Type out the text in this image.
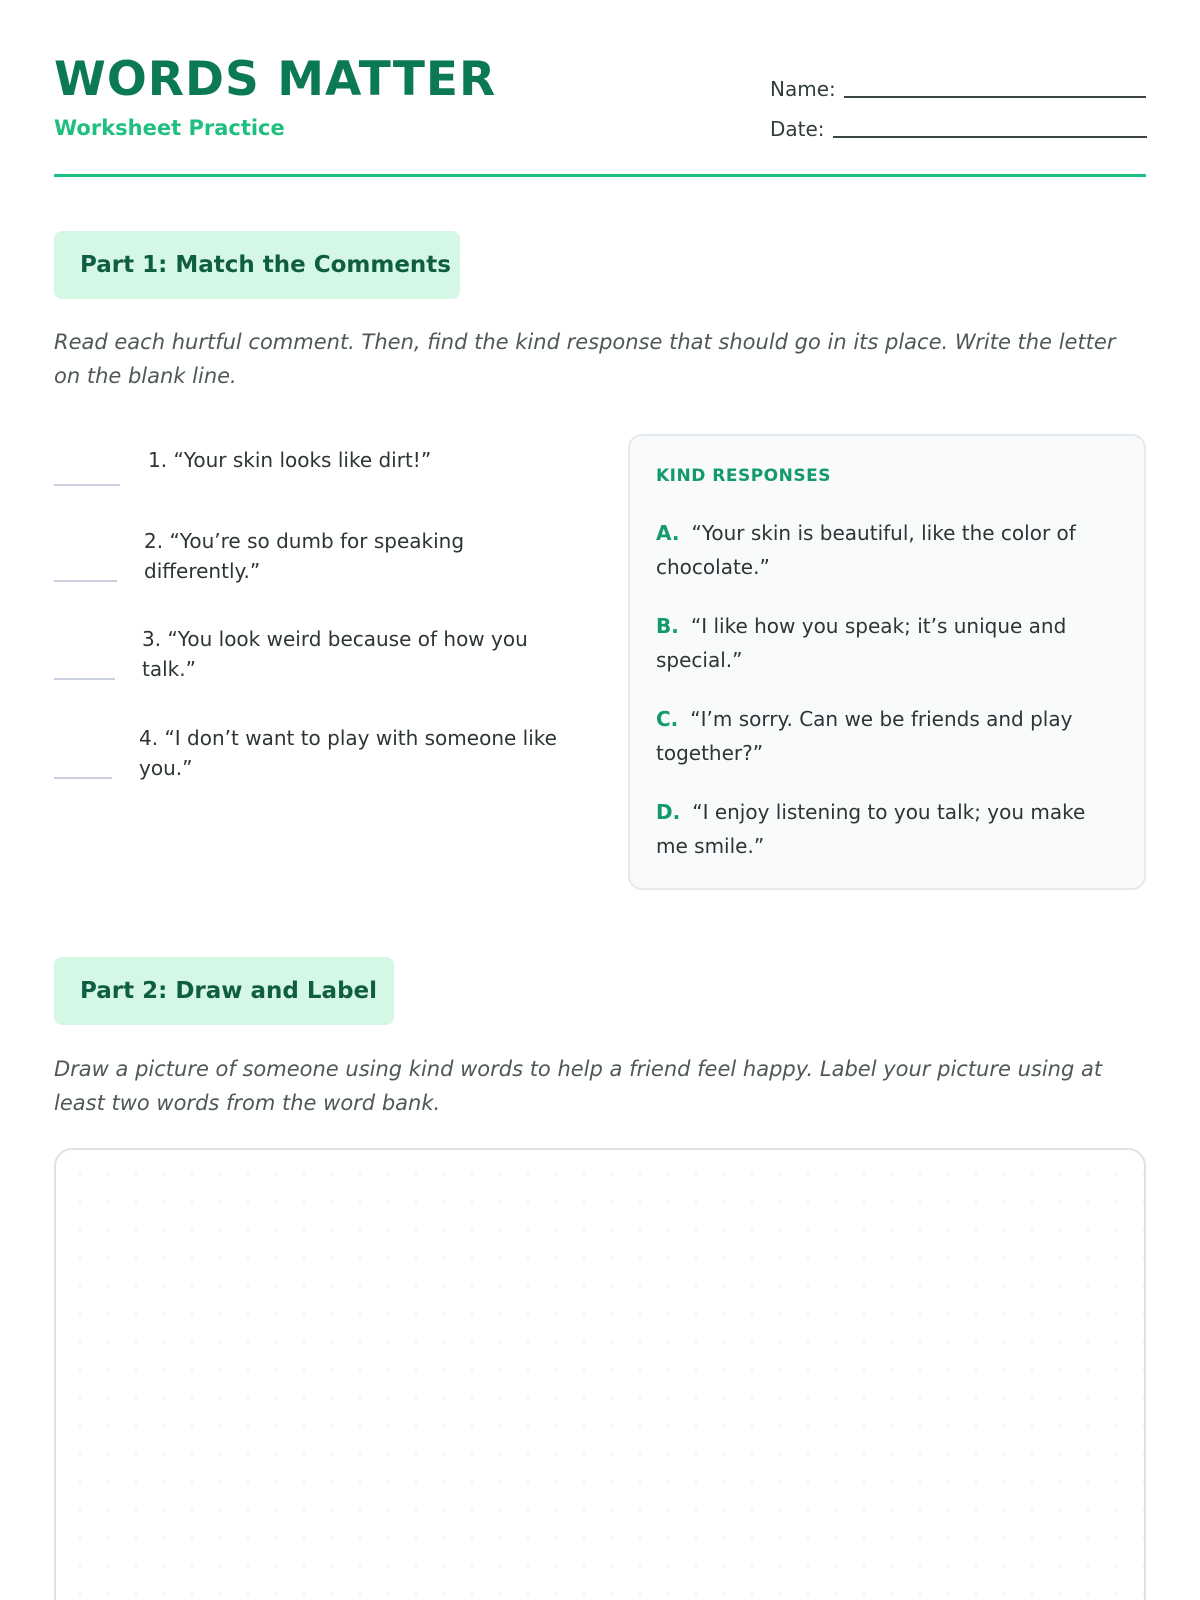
WORDS MATTER
Worksheet Practice
Name:
Date:
Part 1: Match the Comments
Read each hurtful comment. Then, find the kind response that should go in its place. Write the letter on the blank line.
1. “Your skin looks like dirt!”
2. “You’re so dumb for speaking differently.”
3. “You look weird because of how you talk.”
4. “I don’t want to play with someone like you.”
KIND RESPONSES
A. “Your skin is beautiful, like the color of chocolate.”
B. “I like how you speak; it’s unique and special.”
C. “I’m sorry. Can we be friends and play together?”
D. “I enjoy listening to you talk; you make me smile.”
Part 2: Draw and Label
Draw a picture of someone using kind words to help a friend feel happy. Label your picture using at least two words from the word bank.
